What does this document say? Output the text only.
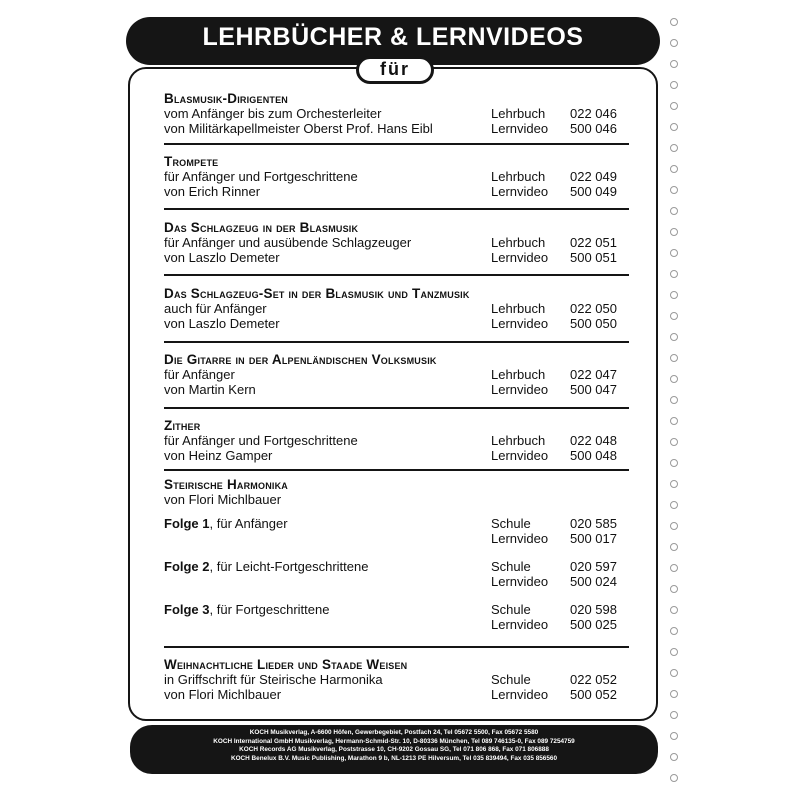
LEHRBÜCHER & LERNVIDEOS
für
Blasmusik-Dirigenten
vom Anfänger bis zum Orchesterleiter	Lehrbuch 022 046
von Militärkapellmeister Oberst Prof. Hans Eibl	Lernvideo 500 046
Trompete
für Anfänger und Fortgeschrittene	Lehrbuch 022 049
von Erich Rinner	Lernvideo 500 049
Das Schlagzeug in der Blasmusik
für Anfänger und ausübende Schlagzeuger	Lehrbuch 022 051
von Laszlo Demeter	Lernvideo 500 051
Das Schlagzeug-Set in der Blasmusik und Tanzmusik
auch für Anfänger	Lehrbuch 022 050
von Laszlo Demeter	Lernvideo 500 050
Die Gitarre in der Alpenländischen Volksmusik
für Anfänger	Lehrbuch 022 047
von Martin Kern	Lernvideo 500 047
Zither
für Anfänger und Fortgeschrittene	Lehrbuch 022 048
von Heinz Gamper	Lernvideo 500 048
Steirische Harmonika
von Flori Michlbauer
Folge 1, für Anfänger	Schule	020 585
Lernvideo 500 017
Folge 2, für Leicht-Fortgeschrittene	Schule	020 597
Lernvideo 500 024
Folge 3, für Fortgeschrittene	Schule	020 598
Lernvideo 500 025
Weihnachtliche Lieder und Staade Weisen
in Griffschrift für Steirische Harmonika	Schule	022 052
von Flori Michlbauer	Lernvideo 500 052
KOCH Musikverlag, A-6600 Höfen, Gewerbegebiet, Postfach 24, Tel 05672 5500, Fax 05672 5580
KOCH International GmbH Musikverlag, Hermann-Schmid-Str. 10, D-80336 München, Tel 089 746135-0, Fax 089 7254759
KOCH Records AG Musikverlag, Poststrasse 10, CH-9202 Gossau SG, Tel 071 806 868, Fax 071 806888
KOCH Benelux B.V. Music Publishing, Marathon 9 b, NL-1213 PE Hilversum, Tel 035 839494, Fax 035 856560
